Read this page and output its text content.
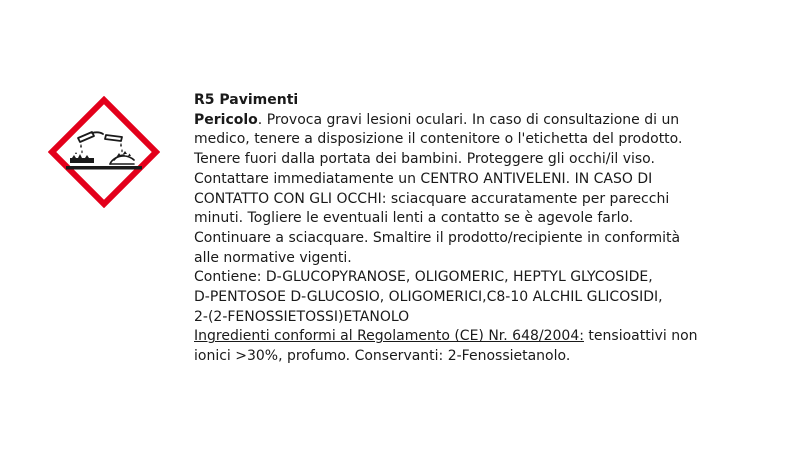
R5 Pavimenti
Pericolo. Provoca gravi lesioni oculari. In caso di consultazione di un
medico, tenere a disposizione il contenitore o l'etichetta del prodotto.
Tenere fuori dalla portata dei bambini. Proteggere gli occhi/il viso.
Contattare immediatamente un CENTRO ANTIVELENI. IN CASO DI
CONTATTO CON GLI OCCHI: sciacquare accuratamente per parecchi
minuti. Togliere le eventuali lenti a contatto se è agevole farlo.
Continuare a sciacquare. Smaltire il prodotto/recipiente in conformità
alle normative vigenti.
Contiene: D-GLUCOPYRANOSE, OLIGOMERIC, HEPTYL GLYCOSIDE,
D-PENTOSOE D-GLUCOSIO, OLIGOMERICI,C8-10 ALCHIL GLICOSIDI,
2-(2-FENOSSIETOSSI)ETANOLO
Ingredienti conformi al Regolamento (CE) Nr. 648/2004: tensioattivi non
ionici >30%, profumo. Conservanti: 2-Fenossietanolo.
